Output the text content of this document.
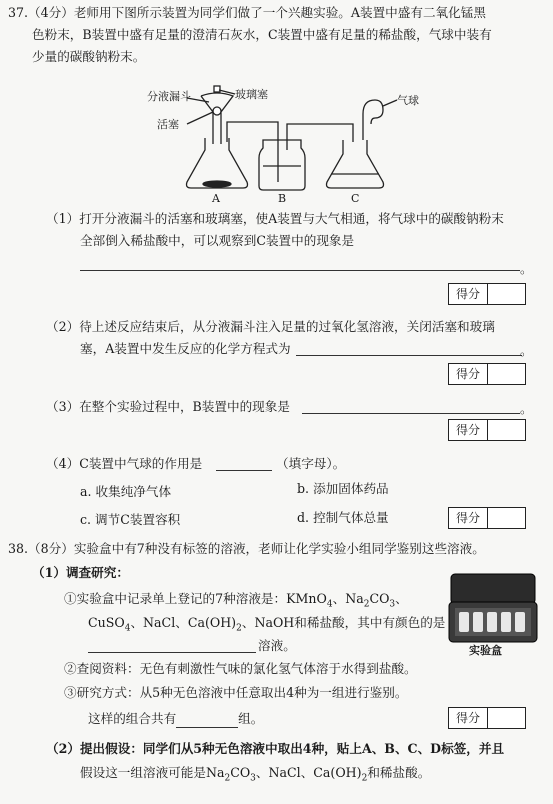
37.（4分）老师用下图所示装置为同学们做了一个兴趣实验。A装置中盛有二氧化锰黑
色粉末，B装置中盛有足量的澄清石灰水，C装置中盛有足量的稀盐酸，气球中装有
少量的碳酸钠粉末。
分液漏斗	玻璃塞
活塞
气球
A	B	C
（1）打开分液漏斗的活塞和玻璃塞，使A装置与大气相通，将气球中的碳酸钠粉末
全部倒入稀盐酸中，可以观察到C装置中的现象是
。
得分
（2）待上述反应结束后，从分液漏斗注入足量的过氧化氢溶液，关闭活塞和玻璃
塞，A装置中发生反应的化学方程式为	。
得分
（3）在整个实验过程中，B装置中的现象是	。
得分
（4）C装置中气球的作用是	（填字母）。
a. 收集纯净气体	b. 添加固体药品
c. 调节C装置容积	d. 控制气体总量	得分
38.（8分）实验盒中有7种没有标签的溶液，老师让化学实验小组同学鉴别这些溶液。
（1）调查研究：
①实验盒中记录单上登记的7种溶液是：KMnO$_4$、$Na_2CO_3$、
CuSO$_4$、NaCl、$Ca(OH)_2$、NaOH和稀盐酸，其中有颜色的是
溶液。
②查阅资料：无色有刺激性气味的氯化氢气体溶于水得到盐酸。
③研究方式：从5种无色溶液中任意取出4种为一组进行鉴别。
这样的组合共有	组。
实验盒
得分
（2）提出假设：同学们从5种无色溶液中取出4种，贴上A、B、C、D标签，并且
假设这一组溶液可能是$Na_2CO_3$、NaCl、$Ca(OH)_2$和稀盐酸。
